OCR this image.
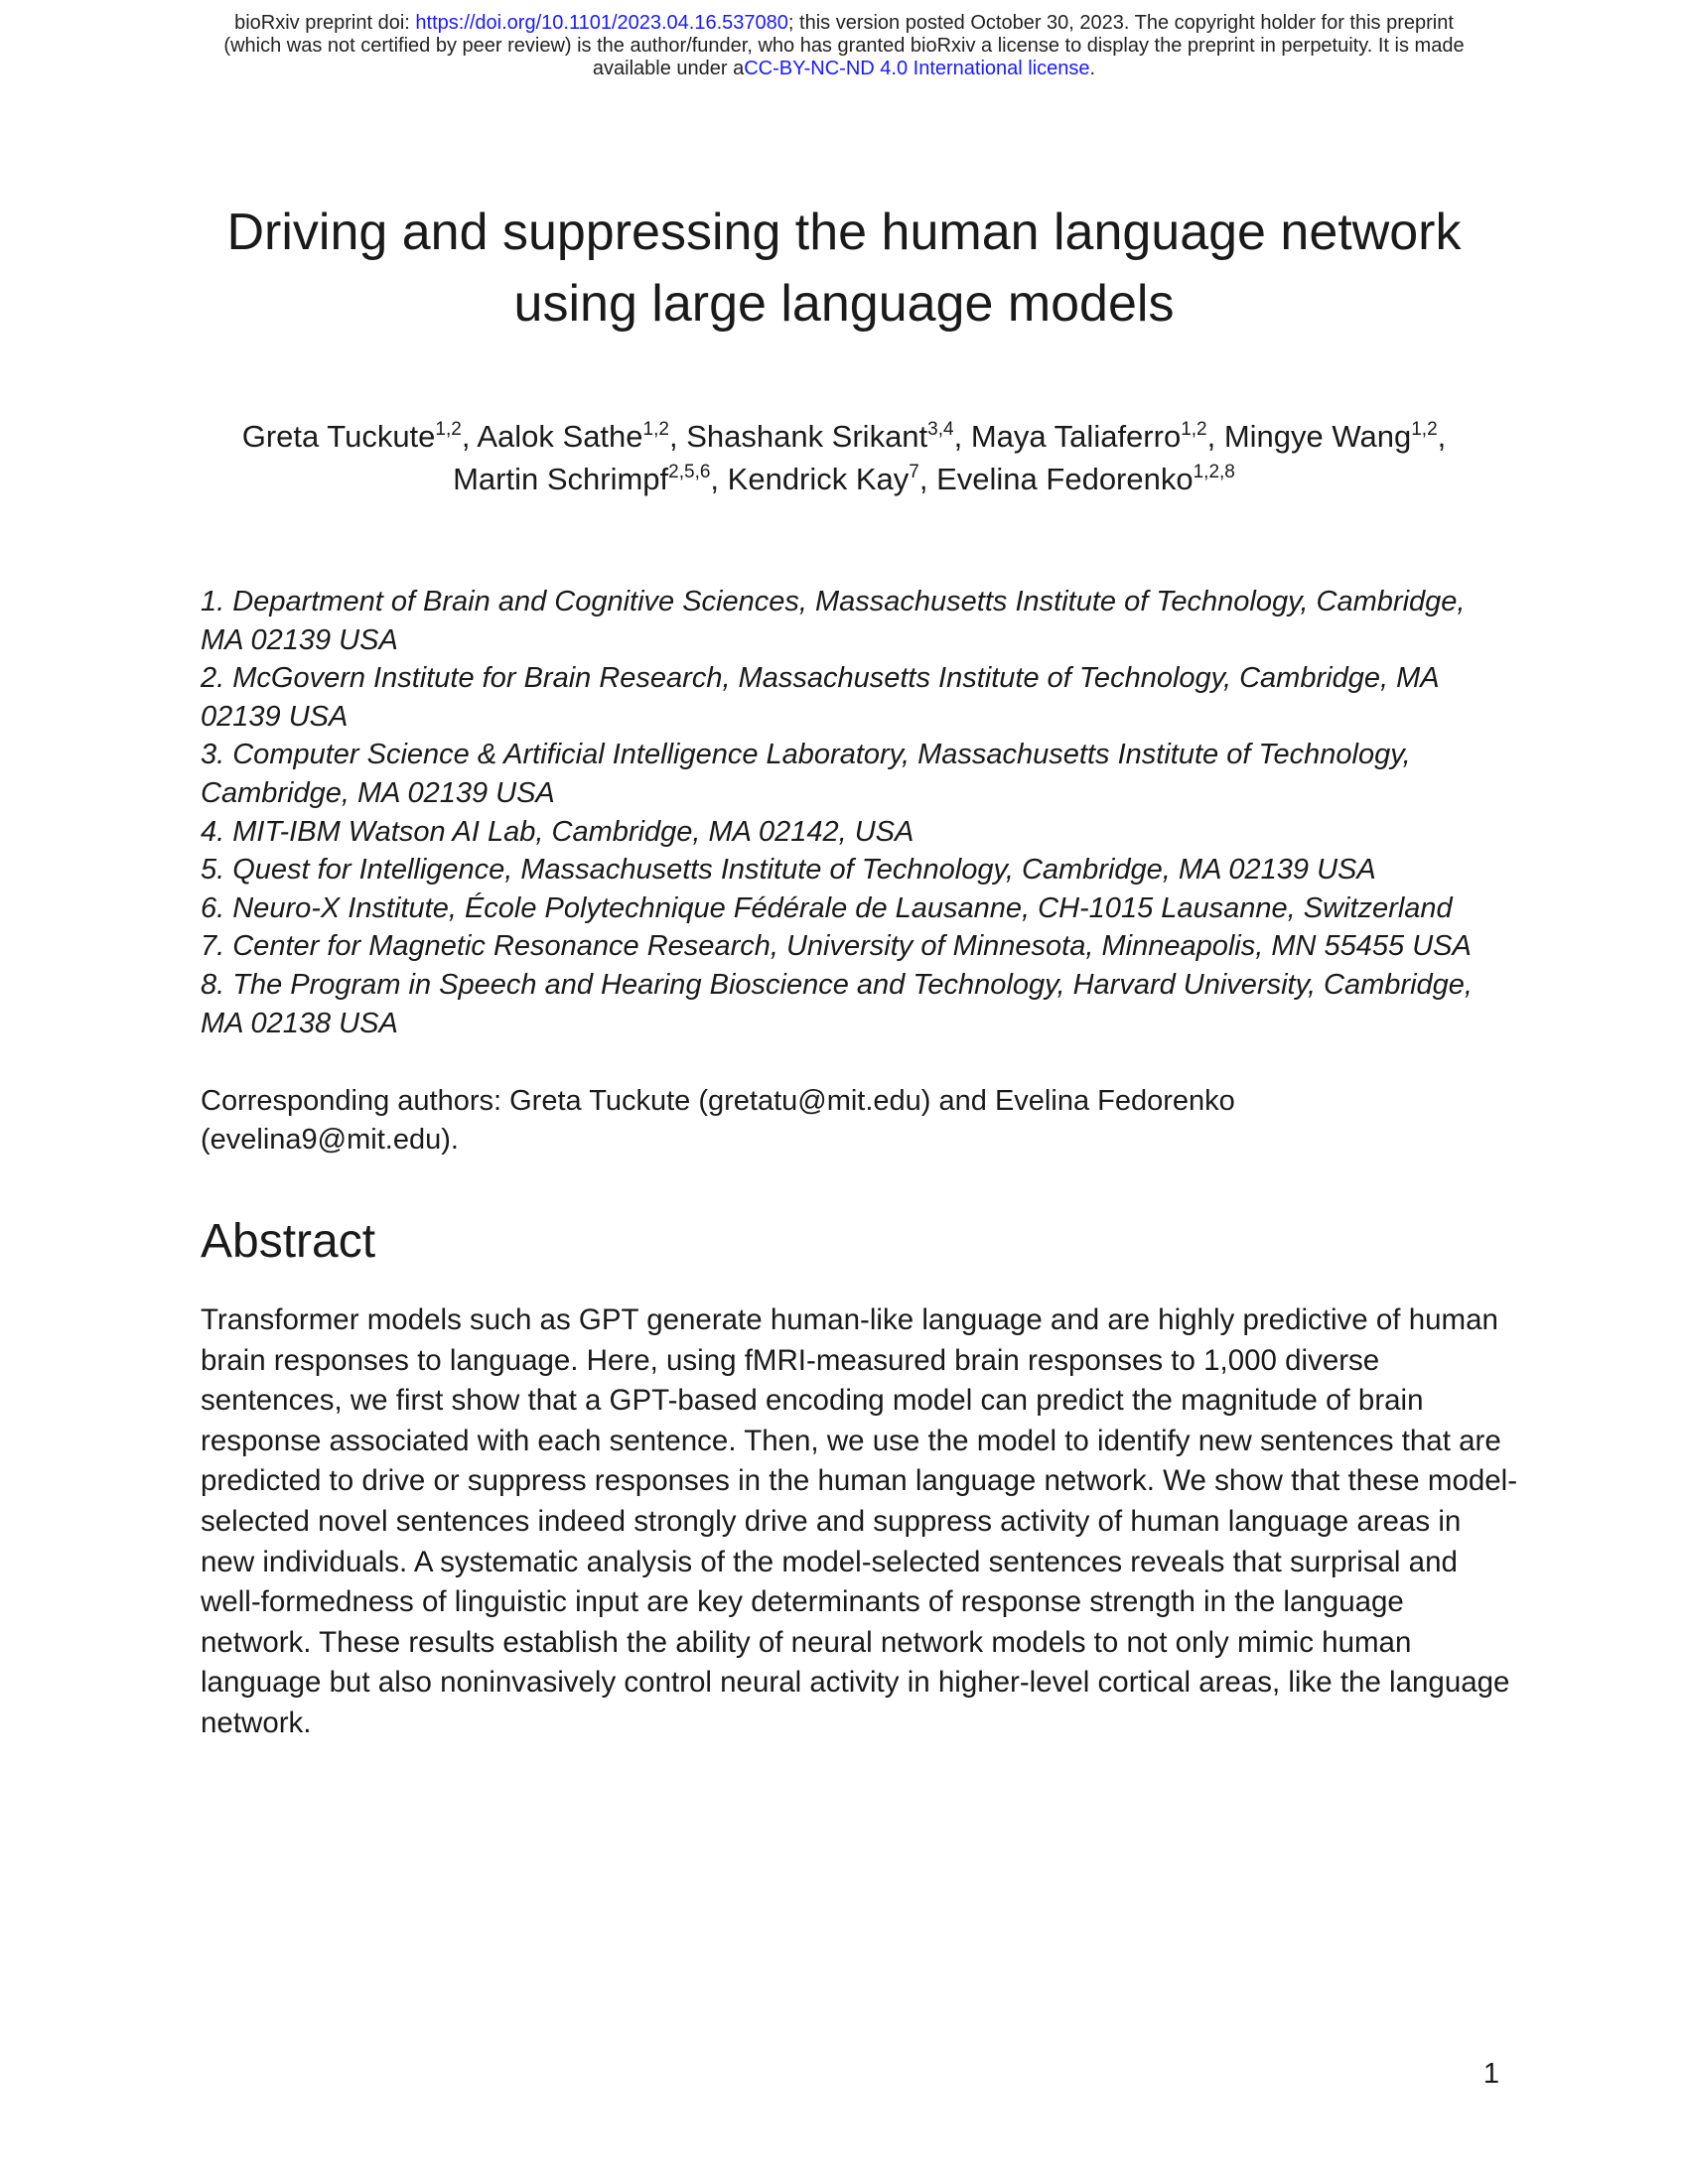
bioRxiv preprint doi: https://doi.org/10.1101/2023.04.16.537080; this version posted October 30, 2023. The copyright holder for this preprint
(which was not certified by peer review) is the author/funder, who has granted bioRxiv a license to display the preprint in perpetuity. It is made
available under aCC-BY-NC-ND 4.0 International license.
Driving and suppressing the human language network
using large language models
Greta Tuckute$^{1,2}$, Aalok Sathe$^{1,2}$, Shashank Srikant$^{3,4}$, Maya Taliaferro$^{1,2}$, Mingye Wang$^{1,2}$,
Martin Schrimpf$^{2,5,6}$, Kendrick Kay$^7$, Evelina Fedorenko$^{1,2,8}$
1. Department of Brain and Cognitive Sciences, Massachusetts Institute of Technology, Cambridge,
MA 02139 USA
2. McGovern Institute for Brain Research, Massachusetts Institute of Technology, Cambridge, MA
02139 USA
3. Computer Science & Artificial Intelligence Laboratory, Massachusetts Institute of Technology,
Cambridge, MA 02139 USA
4. MIT-IBM Watson AI Lab, Cambridge, MA 02142, USA
5. Quest for Intelligence, Massachusetts Institute of Technology, Cambridge, MA 02139 USA
6. Neuro-X Institute, École Polytechnique Fédérale de Lausanne, CH-1015 Lausanne, Switzerland
7. Center for Magnetic Resonance Research, University of Minnesota, Minneapolis, MN 55455 USA
8. The Program in Speech and Hearing Bioscience and Technology, Harvard University, Cambridge,
MA 02138 USA
Corresponding authors: Greta Tuckute (gretatu@mit.edu) and Evelina Fedorenko
(evelina9@mit.edu).
Abstract

Transformer models such as GPT generate human-like language and are highly predictive of human brain responses to language. Here, using fMRI-measured brain responses to 1,000 diverse sentences, we first show that a GPT-based encoding model can predict the magnitude of brain response associated with each sentence. Then, we use the model to identify new sentences that are predicted to drive or suppress responses in the human language network. We show that these model-selected novel sentences indeed strongly drive and suppress activity of human language areas in new individuals. A systematic analysis of the model-selected sentences reveals that surprisal and well-formedness of linguistic input are key determinants of response strength in the language network. These results establish the ability of neural network models to not only mimic human language but also noninvasively control neural activity in higher-level cortical areas, like the language network.

1
